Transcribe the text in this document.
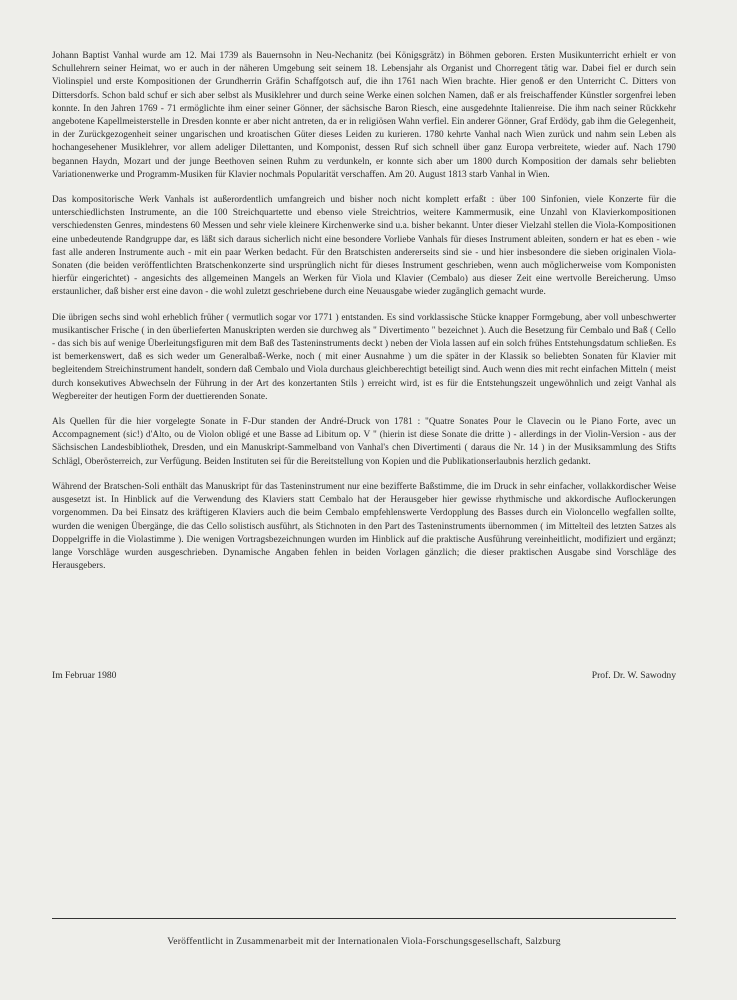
Johann Baptist Vanhal wurde am 12. Mai 1739 als Bauernsohn in Neu-Nechanitz (bei Königsgrätz) in Böhmen geboren. Ersten Musikunterricht erhielt er von Schullehrern seiner Heimat, wo er auch in der näheren Umgebung seit seinem 18. Lebensjahr als Organist und Chorregent tätig war. Dabei fiel er durch sein Violinspiel und erste Kompositionen der Grundherrin Gräfin Schaffgotsch auf, die ihn 1761 nach Wien brachte. Hier genoß er den Unterricht C. Ditters von Dittersdorfs. Schon bald schuf er sich aber selbst als Musiklehrer und durch seine Werke einen solchen Namen, daß er als freischaffender Künstler sorgenfrei leben konnte. In den Jahren 1769 - 71 ermöglichte ihm einer seiner Gönner, der sächsische Baron Riesch, eine ausgedehnte Italienreise. Die ihm nach seiner Rückkehr angebotene Kapellmeisterstelle in Dresden konnte er aber nicht antreten, da er in religiösen Wahn verfiel. Ein anderer Gönner, Graf Erdödy, gab ihm die Gelegenheit, in der Zurückgezogenheit seiner ungarischen und kroatischen Güter dieses Leiden zu kurieren. 1780 kehrte Vanhal nach Wien zurück und nahm sein Leben als hochangesehener Musiklehrer, vor allem adeliger Dilettanten, und Komponist, dessen Ruf sich schnell über ganz Europa verbreitete, wieder auf. Nach 1790 begannen Haydn, Mozart und der junge Beethoven seinen Ruhm zu verdunkeln, er konnte sich aber um 1800 durch Komposition der damals sehr beliebten Variationenwerke und Programm-Musiken für Klavier nochmals Popularität verschaffen. Am 20. August 1813 starb Vanhal in Wien.

Das kompositorische Werk Vanhals ist außerordentlich umfangreich und bisher noch nicht komplett erfaßt : über 100 Sinfonien, viele Konzerte für die unterschiedlichsten Instrumente, an die 100 Streichquartette und ebenso viele Streichtrios, weitere Kammermusik, eine Unzahl von Klavierkompositionen verschiedensten Genres, mindestens 60 Messen und sehr viele kleinere Kirchenwerke sind u.a. bisher bekannt. Unter dieser Vielzahl stellen die Viola-Kompositionen eine unbedeutende Randgruppe dar, es läßt sich daraus sicherlich nicht eine besondere Vorliebe Vanhals für dieses Instrument ableiten, sondern er hat es eben - wie fast alle anderen Instrumente auch - mit ein paar Werken bedacht. Für den Bratschisten andererseits sind sie - und hier insbesondere die sieben originalen Viola-Sonaten (die beiden veröffentlichten Bratschenkonzerte sind ursprünglich nicht für dieses Instrument geschrieben, wenn auch möglicherweise vom Komponisten hierfür eingerichtet) - angesichts des allgemeinen Mangels an Werken für Viola und Klavier (Cembalo) aus dieser Zeit eine wertvolle Bereicherung. Umso erstaunlicher, daß bisher erst eine davon - die wohl zuletzt geschriebene durch eine Neuausgabe wieder zugänglich gemacht wurde.

Die übrigen sechs sind wohl erheblich früher ( vermutlich sogar vor 1771 ) entstanden. Es sind vorklassische Stücke knapper Formgebung, aber voll unbeschwerter musikantischer Frische ( in den überlieferten Manuskripten werden sie durchweg als " Divertimento " bezeichnet ). Auch die Besetzung für Cembalo und Baß ( Cello - das sich bis auf wenige Überleitungsfiguren mit dem Baß des Tasteninstruments deckt ) neben der Viola lassen auf ein solch frühes Entstehungsdatum schließen. Es ist bemerkenswert, daß es sich weder um Generalbaß-Werke, noch ( mit einer Ausnahme ) um die später in der Klassik so beliebten Sonaten für Klavier mit begleitendem Streichinstrument handelt, sondern daß Cembalo und Viola durchaus gleichberechtigt beteiligt sind. Auch wenn dies mit recht einfachen Mitteln ( meist durch konsekutives Abwechseln der Führung in der Art des konzertanten Stils ) erreicht wird, ist es für die Entstehungszeit ungewöhnlich und zeigt Vanhal als Wegbereiter der heutigen Form der duettierenden Sonate.

Als Quellen für die hier vorgelegte Sonate in F-Dur standen der André-Druck von 1781 : "Quatre Sonates Pour le Clavecin ou le Piano Forte, avec un Accompagnement (sic!) d'Alto, ou de Violon obligé et une Basse ad Libitum op. V " (hierin ist diese Sonate die dritte ) - allerdings in der Violin-Version - aus der Sächsischen Landesbibliothek, Dresden, und ein Manuskript-Sammelband von Vanhal's chen Divertimenti ( daraus die Nr. 14 ) in der Musiksammlung des Stifts Schlägl, Oberösterreich, zur Verfügung. Beiden Instituten sei für die Bereitstellung von Kopien und die Publikationserlaubnis herzlich gedankt.

Während der Bratschen-Soli enthält das Manuskript für das Tasteninstrument nur eine bezifferte Baßstimme, die im Druck in sehr einfacher, vollakkordischer Weise ausgesetzt ist. In Hinblick auf die Verwendung des Klaviers statt Cembalo hat der Herausgeber hier gewisse rhythmische und akkordische Auflockerungen vorgenommen. Da bei Einsatz des kräftigeren Klaviers auch die beim Cembalo empfehlenswerte Verdopplung des Basses durch ein Violoncello wegfallen sollte, wurden die wenigen Übergänge, die das Cello solistisch ausführt, als Stichnoten in den Part des Tasteninstruments übernommen ( im Mittelteil des letzten Satzes als Doppelgriffe in die Violastimme ). Die wenigen Vortragsbezeichnungen wurden im Hinblick auf die praktische Ausführung vereinheitlicht, modifiziert und ergänzt; lange Vorschläge wurden ausgeschrieben. Dynamische Angaben fehlen in beiden Vorlagen gänzlich; die dieser praktischen Ausgabe sind Vorschläge des Herausgebers.

Im Februar 1980	Prof. Dr. W. Sawodny
Veröffentlicht in Zusammenarbeit mit der Internationalen Viola-Forschungsgesellschaft, Salzburg
